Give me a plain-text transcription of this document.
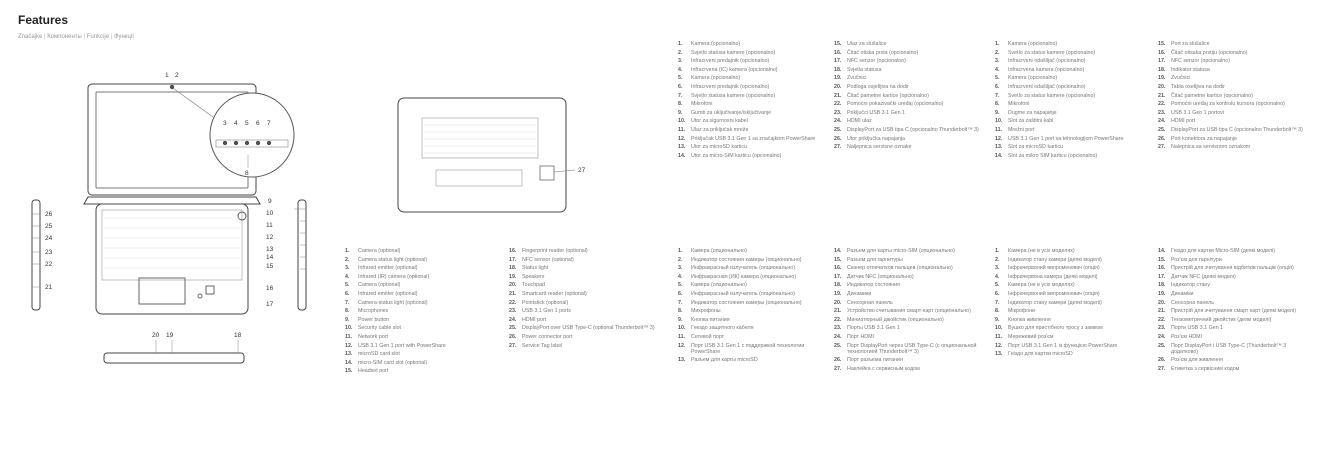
Features
Značajke | Компоненты | Funkcije | Функції
1 2
3 4 5 6 7
8
9
10
11
12
13
14
15
16
17
26
25
24
23
22
21
20 19	18
27
1.	Camera (optional)
2.	Camera status light (optional)
3.	Infrared emitter (optional)
4.	Infrared (IR) camera (optional)
5.	Camera (optional)
6.	Infrared emitter (optional)
7.	Camera-status light (optional)
8.	Microphones
9.	Power button
10.	Security cable slot
11.	Network port
12.	USB 3.1 Gen 1 port with PowerShare
13.	microSD card slot
14.	micro-SIM card slot (optional)
15.	Headset port
16.	Fingerprint reader (optional)
17.	NFC sensor (optional)
18.	Status light
19.	Speakers
20.	Touchpad
21.	Smartcard reader (optional)
22.	Pointstick (optional)
23.	USB 3.1 Gen 1 ports
24.	HDMI port
25.	DisplayPort over USB Type-C (optional Thunderbolt™ 3)
26.	Power connector port
27.	Service Tag label
1.	Kamera (opcionalno)
2.	Svjetlo statusa kamere (opcionalno)
3.	Infracrveni predajnik (opcionalno)
4.	Infracrvena (IC) kamera (opcionalno)
5.	Kamera (opcionalno)
6.	Infracrveni predajnik (opcionalno)
7.	Svjetlo statusa kamere (opcionalno)
8.	Mikrofoni
9.	Gumb za uključivanje/isključivanje
10.	Utor za sigurnosni kabel
11.	Ulaz za priključak mreže
12.	Priključak USB 3.1 Gen 1 sa značajkom PowerShare
13.	Utor za microSD karticu
14.	Utor za micro-SIM karticu (opcionalno)
15.	Ulaz za slušalice
16.	Čitač otiska prsta (opcionalno)
17.	NFC senzor (opcionalno)
18.	Svjetla statusa
19.	Zvučnici
20.	Podloga osjetljiva na dodir
21.	Čitač pametne kartice (opcionalno)
22.	Pomoćni pokazivački uređaj (opcionalno)
23.	Priključci USB 3.1 Gen 1
24.	HDMI ulaz
25.	DisplayPort za USB tipa C (opcionalno Thunderbolt™ 3)
26.	Utor priključka napajanja
27.	Naljepnica servisne oznake
1.	Kamera (opcionalno)
2.	Svetlo za status kamere (opcionalno)
3.	Infracrveni odašiljač (opcionalno)
4.	Infracrvena kamera (opcionalno)
5.	Kamera (opcionalno)
6.	Infracrveni odašiljač (opcionalno)
7.	Svetlo za status kamere (opcionalno)
8.	Mikrofoni
9.	Dugme za napajanje
10.	Slot za zaštitni kabl
11.	Mrežni port
12.	USB 3.1 Gen 1 port sa tehnologijom PowerShare
13.	Slot za microSD karticu
14.	Slot za mikro SIM karticu (opcionalno)
15.	Port za slušalice
16.	Čitač otisaka prstiju (opcionalno)
17.	NFC senzor (opcionalno)
18.	Indikator statusa
19.	Zvučnici
20.	Tabla osetljiva na dodir
21.	Čitač pametne kartice (opcionalno)
22.	Pomoćni uređaj za kontrolu kursora (opcionalno)
23.	USB 3.1 Gen 1 portovi
24.	HDMI port
25.	DisplayPort za USB tipa C (opcionalno Thunderbolt™ 3)
26.	Port konektora za napajanje
27.	Nalepnica sa servisnom oznakom
1.	Камера (опционально)
2.	Индикатор состояния камеры (опционально)
3.	Инфракрасный излучатель (опционально)
4.	Инфракрасная (ИК) камера (опционально)
5.	Камера (опционально)
6.	Инфракрасный излучатель (опционально)
7.	Индикатор состояния камеры (опционально)
8.	Микрофоны
9.	Кнопка питания
10.	Гнездо защитного кабеля
11.	Сетевой порт
12.	Порт USB 3.1 Gen 1 с поддержкой технологии PowerShare
13.	Разъем для карты microSD
14.	Разъем для карты micro-SIM (опционально)
15.	Разъем для гарнитуры
16.	Сканер отпечатков пальцев (опционально)
17.	Датчик NFC (опционально)
18.	Индикатор состояния
19.	Динамики
20.	Сенсорная панель
21.	Устройство считывания смарт-карт (опционально)
22.	Миниатюрный джойстик (опционально)
23.	Порты USB 3.1 Gen 1
24.	Порт HDMI
25.	Порт DisplayPort через USB Type-C (с опциональной технологией Thunderbolt™ 3)
26.	Порт разъема питания
27.	Наклейка с сервисным кодом
1.	Камера (не в усіх моделях)
2.	Індикатор стану камери (деякі моделі)
3.	Інфрачервоний випромінювач (опція)
4.	Інфрачервона камера (деякі моделі)
5.	Камера (не в усіх моделях)
6.	Інфрачервоний випромінювач (опція)
7.	Індикатор стану камери (деякі моделі)
8.	Мікрофони
9.	Кнопка живлення
10.	Вушко для пристібного тросу з замком
11.	Мережевий роз'єм
12.	Порт USB 3.1 Gen 1 із функцією PowerShare
13.	Гніздо для картки microSD
14.	Гніздо для картки Micro-SIM (деякі моделі)
15.	Роз'єм для гарнітури
16.	Пристрій для зчитування відбитків пальців (опція)
17.	Датчик NFC (деякі моделі)
18.	Індикатор стану
19.	Динаміки
20.	Сенсорна панель
21.	Пристрій для зчитування смарт карт (деякі моделі)
22.	Тензометричний джойстик (деякі моделі)
23.	Порти USB 3.1 Gen 1
24.	Роз'єм HDMI
25.	Порт DisplayPort і USB Type-C (Thunderbolt™ 3 додатково)
26.	Роз'єм для живлення
27.	Етикетка з сервісним кодом
